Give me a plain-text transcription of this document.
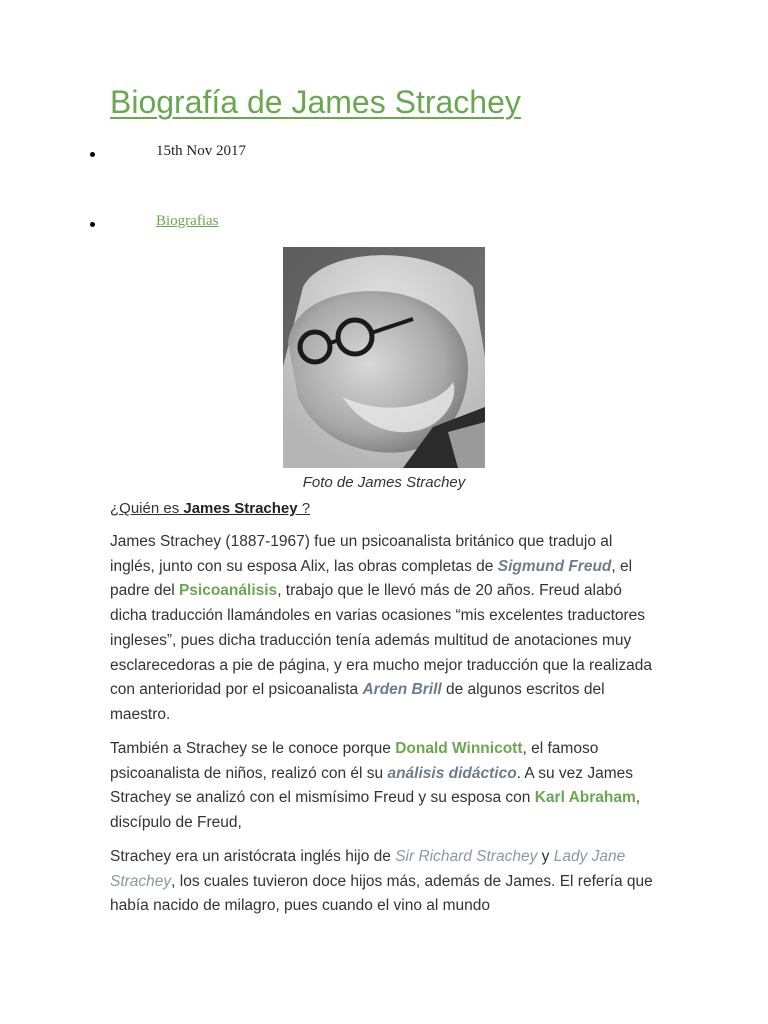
Biografía de James Strachey
15th Nov 2017
Biografias
Foto de James Strachey
¿Quién es James Strachey ?

James Strachey (1887-1967) fue un psicoanalista británico que tradujo al inglés, junto con su esposa Alix, las obras completas de Sigmund Freud, el padre del Psicoanálisis, trabajo que le llevó más de 20 años. Freud alabó dicha traducción llamándoles en varias ocasiones “mis excelentes traductores ingleses”, pues dicha traducción tenía además multitud de anotaciones muy esclarecedoras a pie de página, y era mucho mejor traducción que la realizada con anterioridad por el psicoanalista Arden Brill de algunos escritos del maestro.

También a Strachey se le conoce porque Donald Winnicott, el famoso psicoanalista de niños, realizó con él su análisis didáctico. A su vez James Strachey se analizó con el mismísimo Freud y su esposa con Karl Abraham, discípulo de Freud,

Strachey era un aristócrata inglés hijo de Sir Richard Strachey y Lady Jane Strachey, los cuales tuvieron doce hijos más, además de James. El refería que había nacido de milagro, pues cuando el vino al mundo
